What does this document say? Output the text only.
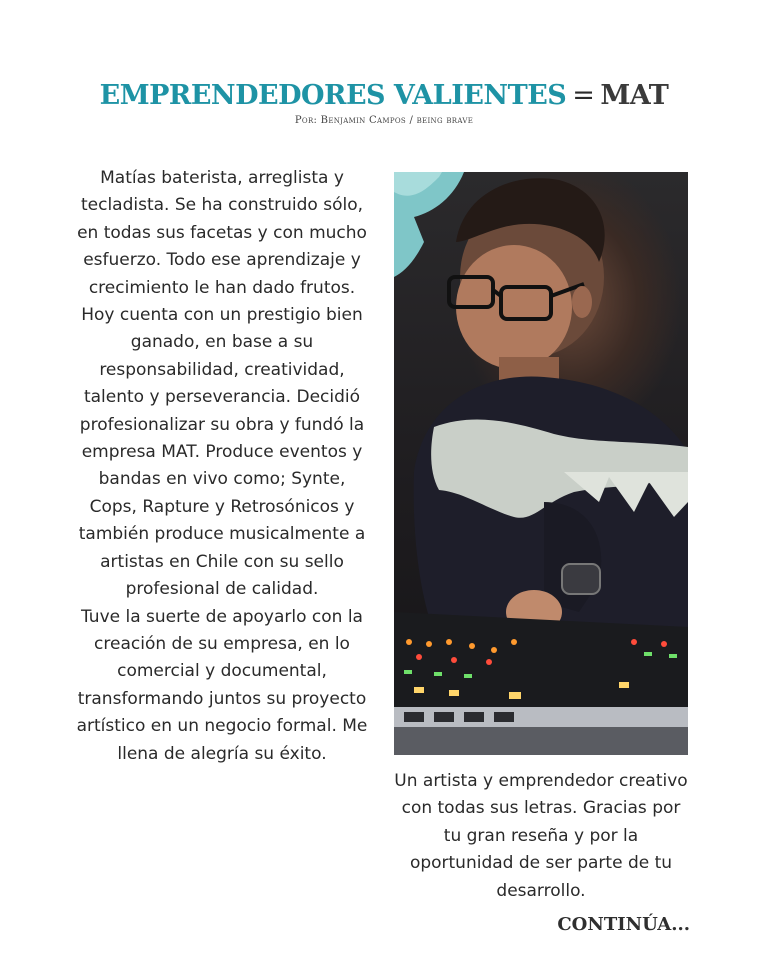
EMPRENDEDORES VALIENTES = MAT
Por: Benjamin Campos / being brave
Matías baterista, arreglista y tecladista. Se ha construido sólo, en todas sus facetas y con mucho esfuerzo. Todo ese aprendizaje y crecimiento le han dado frutos. Hoy cuenta con un prestigio bien ganado, en base a su responsabilidad, creatividad, talento y perseverancia. Decidió profesionalizar su obra y fundó la empresa MAT. Produce eventos y bandas en vivo como; Synte, Cops, Rapture y Retrosónicos y también produce musicalmente a artistas en Chile con su sello profesional de calidad.
Tuve la suerte de apoyarlo con la creación de su empresa, en lo comercial y documental, transformando juntos su proyecto artístico en un negocio formal. Me llena de alegría su éxito.
Un artista y emprendedor creativo con todas sus letras. Gracias por tu gran reseña y por la oportunidad de ser parte de tu desarrollo.
CONTINÚA...
